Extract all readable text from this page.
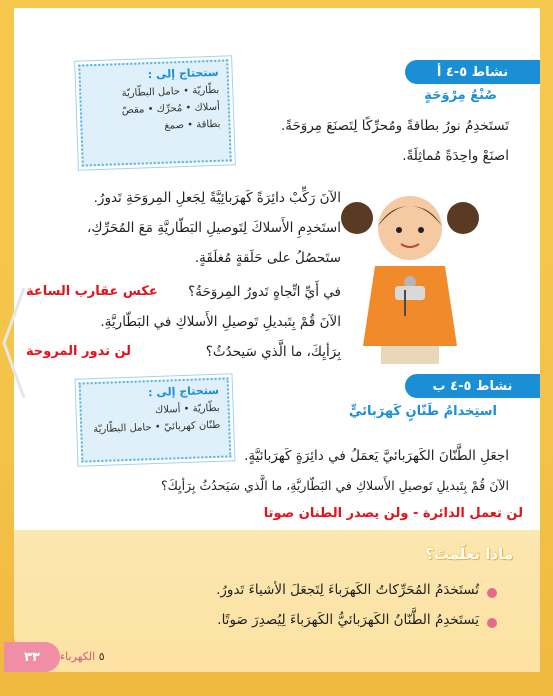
نشاط ٥-٤ أ
صُنْعُ مِرْوَحَةٍ
ستحتاج إلى :
بطّاريّة • حامل البطّاريّة
أسلاك • مُحرِّك • مقصّ
بطاقة • صمغ	تَستَخدِمُ نورُ بطاقةً ومُحرِّكًا لِتَصنَعَ مِروَحَةً.
اصنَعْ واحِدَةً مُماثِلَةً.
الآنَ رَكِّبْ دائِرَةً كَهرَبائِيَّةً لِجَعلِ المِروَحَةِ تَدورُ.
استَخدِمِ الأَسلاكَ لِتَوصيلِ البَطّاريَّةِ مَعَ المُحَرِّكِ،
ستَحصُلُ على حَلَقةٍ مُغلَقَةٍ.
في أَيِّ اتِّجاهٍ تَدورُ المِروَحَةُ؟
عكس عقارب الساعة
الآنَ قُمْ بِتَبديلِ تَوصيلِ الأَسلاكِ في البَطّاريَّةِ.
بِرَأيِكَ، ما الَّذي سَيحدُثُ؟
لن تدور المروحة
نشاط ٥-٤ ب
استِخدامُ طَنّانٍ كَهرَبائيٍّ
ستحتاج إلى :
بطّاريّة • أسلاك
طنّان كهربائيّ • حامل البطّاريّة
اجعَلِ الطَّنّانَ الكَهرَبائيَّ يَعمَلُ في دائِرَةٍ كَهرَبائيَّةٍ.
الآنَ قُمْ بِتَبديلِ تَوصيلِ الأَسلاكِ في البَطّاريَّةِ، ما الَّذي سَيَحدُثُ بِرَأيِكَ؟
لن تعمل الدائرة - ولن يصدر الطنان صوتا
ماذا تعلّمتَ؟
تُستَخدَمُ المُحَرِّكاتُ الكَهرَباءَ لِتَجعَلَ الأشياءَ تَدورُ.
يَستَخدِمُ الطَّنّانُ الكَهرَبائيُّ الكَهرَباءَ لِيُصدِرَ صَوتًا.
٣٣	٥ الكهرباء
